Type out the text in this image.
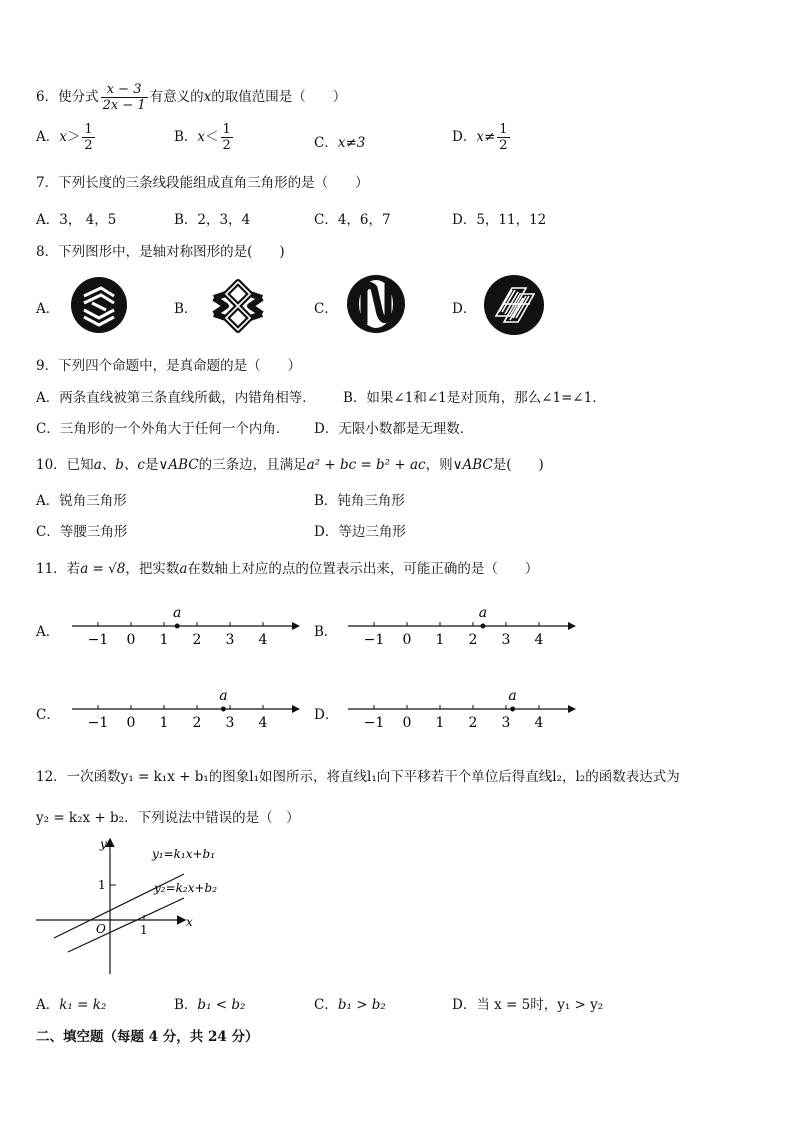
6．使分式 $\frac{x - 3}{2x - 1}$ 有意义的x的取值范围是（　　）
A．$x> \frac{1}{2}$	B．$x< \frac{1}{2}$	C．x≠3	D．$x\ne \frac{1}{2}$
7．下列长度的三条线段能组成直角三角形的是（　　）
A．3， 4，5	B．2，3，4	C．4，6，7	D．5，11，12
8．下列图形中，是轴对称图形的是(　　)
A．	B．	C．	D．
9．下列四个命题中，是真命题的是（　　）
A．两条直线被第三条直线所截，内错角相等． B．如果∠1和∠1是对顶角，那么∠1=∠1．
C．三角形的一个外角大于任何一个内角． D．无限小数都是无理数．
10．已知a、b、c是∨ABC的三条边，且满足a² + bc = b² + ac，则∨ABC是(　　)
A．锐角三角形	B．钝角三角形
C．等腰三角形	D．等边三角形
11．若a = √8，把实数a在数轴上对应的点的位置表示出来，可能正确的是（　　）
A．	B．
C．	D．
−1 0 1 2 3 4
a
−1 0 1 2 3 4
a
−1 0 1 2 3 4
a
−1 0 1 2 3 4
a
12．一次函数y₁ = k₁x + b₁的图象l₁如图所示，将直线l₁向下平移若干个单位后得直线l₂，l₂的函数表达式为
y₂ = k₂x + b₂．下列说法中错误的是（　）
y
x
O
1
1
y₁=k₁x+b₁
y₂=k₂x+b₂
A．k₁ = k₂	B．b₁ < b₂	C．b₁ > b₂	D．当 x = 5时，y₁ > y₂
二、填空题（每题 4 分，共 24 分）
